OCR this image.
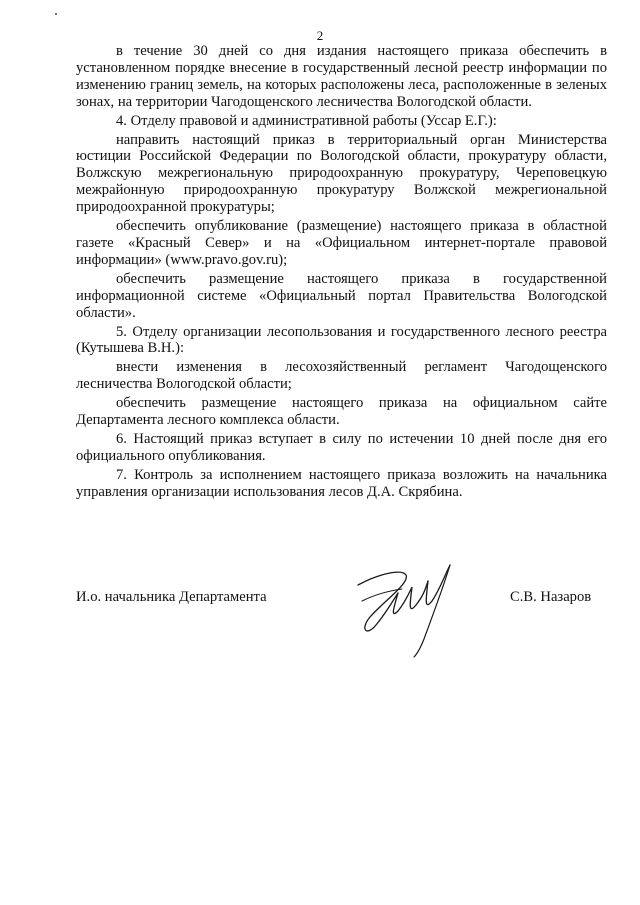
2

в течение 30 дней со дня издания настоящего приказа обеспечить в установленном порядке внесение в государственный лесной реестр информации по изменению границ земель, на которых расположены леса, расположенные в зеленых зонах, на территории Чагодощенского лесничества Вологодской области.

4. Отделу правовой и административной работы (Уссар Е.Г.):

направить настоящий приказ в территориальный орган Министерства юстиции Российской Федерации по Вологодской области, прокуратуру области, Волжскую межрегиональную природоохранную прокуратуру, Череповецкую межрайонную природоохранную прокуратуру Волжской межрегиональной природоохранной прокуратуры;

обеспечить опубликование (размещение) настоящего приказа в областной газете «Красный Север» и на «Официальном интернет-портале правовой информации» (www.pravo.gov.ru);

обеспечить размещение настоящего приказа в государственной информационной системе «Официальный портал Правительства Вологодской области».

5. Отделу организации лесопользования и государственного лесного реестра (Кутышева В.Н.):

внести изменения в лесохозяйственный регламент Чагодощенского лесничества Вологодской области;

обеспечить размещение настоящего приказа на официальном сайте Департамента лесного комплекса области.

6. Настоящий приказ вступает в силу по истечении 10 дней после дня его официального опубликования.

7. Контроль за исполнением настоящего приказа возложить на начальника управления организации использования лесов Д.А. Скрябина.

И.о. начальника Департамента	С.В. Назаров
